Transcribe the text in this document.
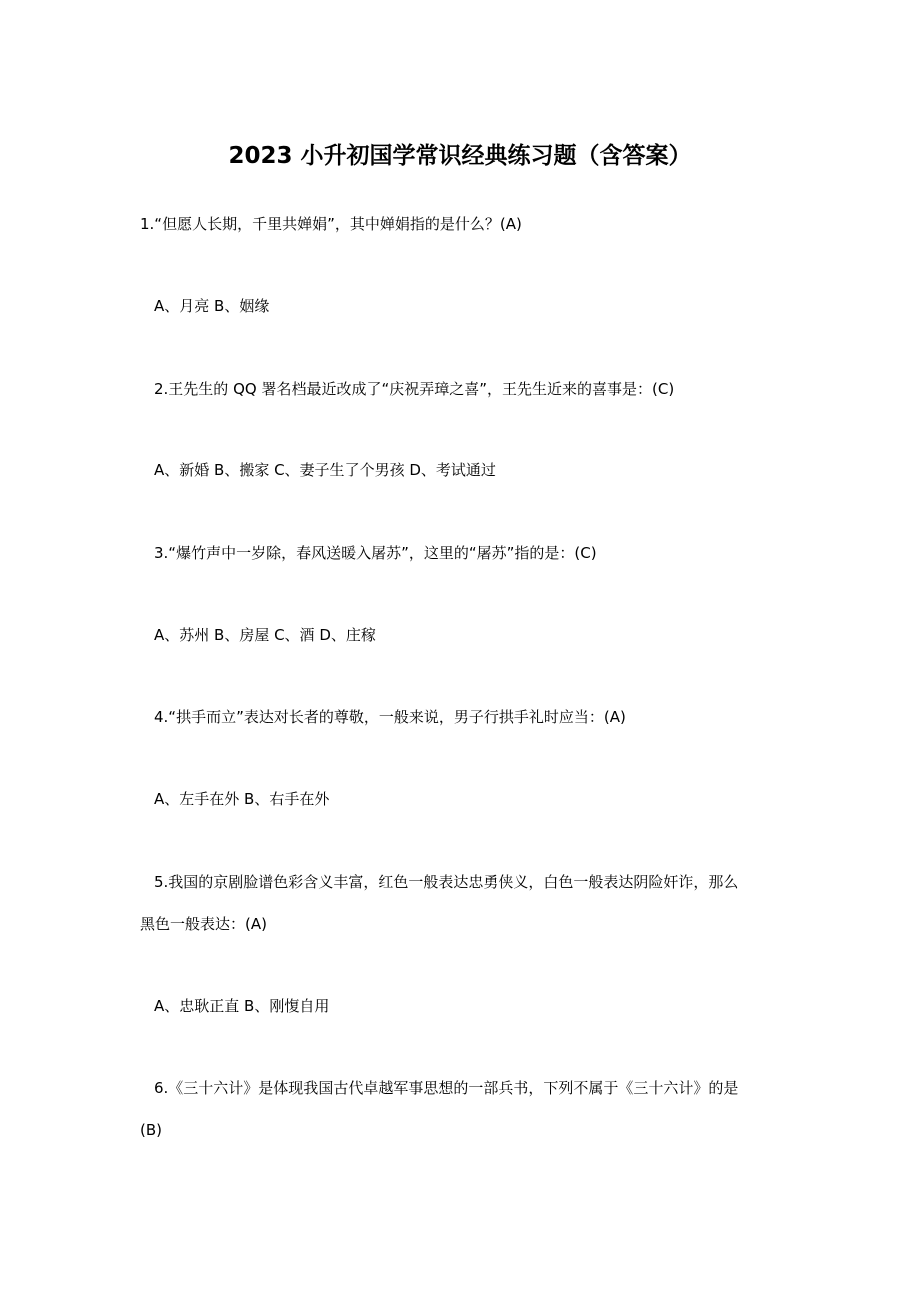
2023 小升初国学常识经典练习题（含答案）
1.“但愿人长期，千里共婵娟”，其中婵娟指的是什么？(A)
A、月亮 B、姻缘
2.王先生的 QQ 署名档最近改成了“庆祝弄璋之喜”，王先生近来的喜事是：(C)
A、新婚 B、搬家 C、妻子生了个男孩 D、考试通过
3.“爆竹声中一岁除，春风送暖入屠苏”，这里的“屠苏”指的是：(C)
A、苏州 B、房屋 C、酒 D、庄稼
4.“拱手而立”表达对长者的尊敬，一般来说，男子行拱手礼时应当：(A)
A、左手在外 B、右手在外
5.我国的京剧脸谱色彩含义丰富，红色一般表达忠勇侠义，白色一般表达阴险奸诈，那么
黑色一般表达：(A)
A、忠耿正直 B、刚愎自用
6.《三十六计》是体现我国古代卓越军事思想的一部兵书，下列不属于《三十六计》的是
(B)
